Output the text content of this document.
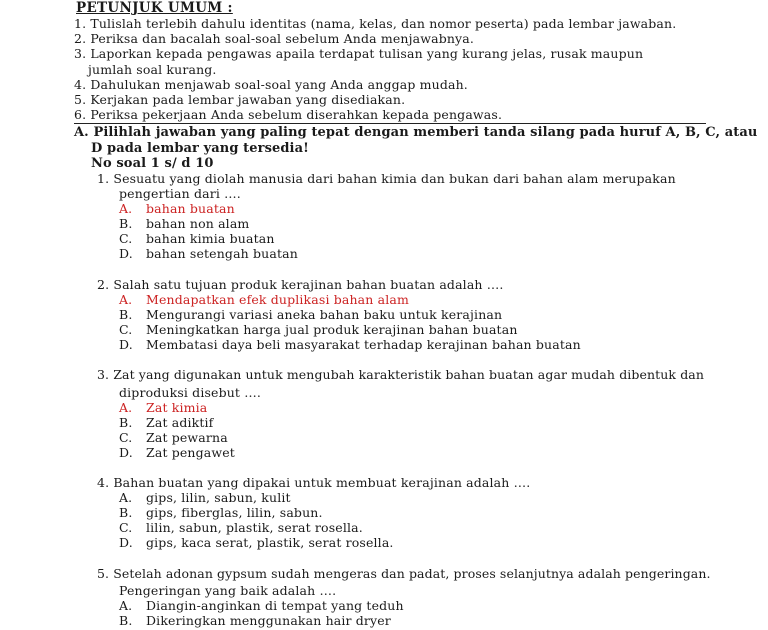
PETUNJUK UMUM :
1. Tulislah terlebih dahulu identitas (nama, kelas, dan nomor peserta) pada lembar jawaban.
2. Periksa dan bacalah soal-soal sebelum Anda menjawabnya.
3. Laporkan kepada pengawas apaila terdapat tulisan yang kurang jelas, rusak maupun
jumlah soal kurang.
4. Dahulukan menjawab soal-soal yang Anda anggap mudah.
5. Kerjakan pada lembar jawaban yang disediakan.
6. Periksa pekerjaan Anda sebelum diserahkan kepada pengawas.
A. Pilihlah jawaban yang paling tepat dengan memberi tanda silang pada huruf A, B, C, atau
D pada lembar yang tersedia!
No soal 1 s/ d 10
1. Sesuatu yang diolah manusia dari bahan kimia dan bukan dari bahan alam merupakan
pengertian dari ….
A. bahan buatan
B. bahan non alam
C. bahan kimia buatan
D. bahan setengah buatan
2. Salah satu tujuan produk kerajinan bahan buatan adalah ….
A. Mendapatkan efek duplikasi bahan alam
B. Mengurangi variasi aneka bahan baku untuk kerajinan
C. Meningkatkan harga jual produk kerajinan bahan buatan
D. Membatasi daya beli masyarakat terhadap kerajinan bahan buatan
3. Zat yang digunakan untuk mengubah karakteristik bahan buatan agar mudah dibentuk dan
diproduksi disebut ….
A. Zat kimia
B. Zat adiktif
C. Zat pewarna
D. Zat pengawet
4. Bahan buatan yang dipakai untuk membuat kerajinan adalah ….
A. gips, lilin, sabun, kulit
B. gips, fiberglas, lilin, sabun.
C. lilin, sabun, plastik, serat rosella.
D. gips, kaca serat, plastik, serat rosella.
5. Setelah adonan gypsum sudah mengeras dan padat, proses selanjutnya adalah pengeringan.
Pengeringan yang baik adalah ….
A. Diangin-anginkan di tempat yang teduh
B. Dikeringkan menggunakan hair dryer
